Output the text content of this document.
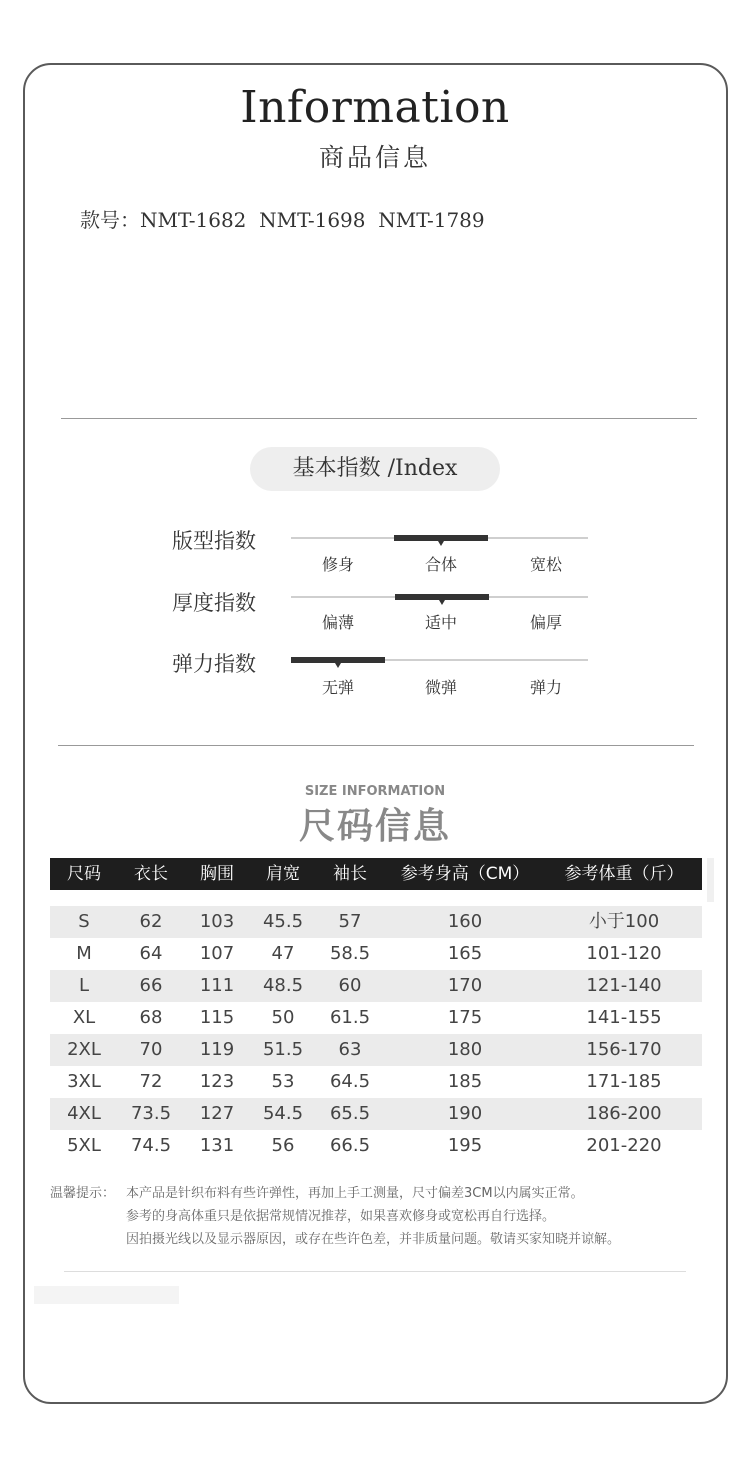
Information
商品信息
款号：NMT-1682  NMT-1698  NMT-1789
基本指数 /Index
版型指数
修身	合体	宽松
厚度指数
偏薄	适中	偏厚
弹力指数
无弹	微弹	弹力
SIZE INFORMATION
尺码信息
尺码	衣长	胸围	肩宽	袖长	参考身高（CM）	参考体重（斤）
S	62	103	45.5	57	160	小于100
M	64	107	47	58.5	165	101-120
L	66	111	48.5	60	170	121-140
XL	68	115	50	61.5	175	141-155
2XL	70	119	51.5	63	180	156-170
3XL	72	123	53	64.5	185	171-185
4XL	73.5	127	54.5	65.5	190	186-200
5XL	74.5	131	56	66.5	195	201-220
温馨提示： 本产品是针织布料有些许弹性，再加上手工测量，尺寸偏差3CM以内属实正常。
参考的身高体重只是依据常规情况推荐，如果喜欢修身或宽松再自行选择。
因拍摄光线以及显示器原因，或存在些许色差，并非质量问题。敬请买家知晓并谅解。
